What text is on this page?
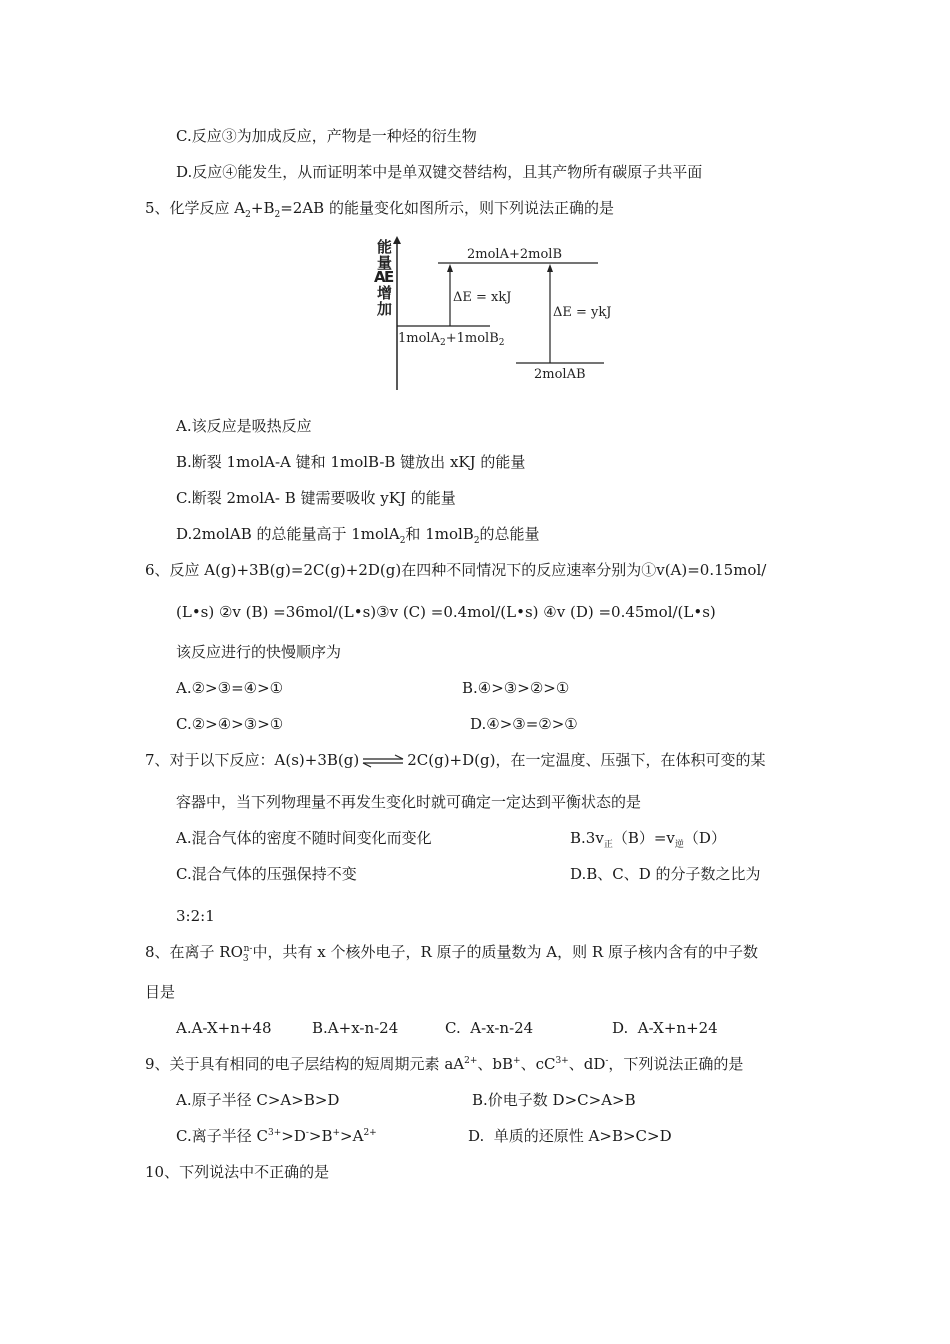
C.反应③为加成反应，产物是一种烃的衍生物
D.反应④能发生，从而证明苯中是单双键交替结构，且其产物所有碳原子共平面
5、化学反应 $A_2+B_2=2AB$ 的能量变化如图所示，则下列说法正确的是
能
量
A
E
增
加
2molA+2molB
1molA$_2$+1molB$_2$
2molAB
ΔE = xkJ
ΔE = ykJ
A.该反应是吸热反应
B.断裂 1molA-A 键和 1molB-B 键放出 xKJ 的能量
C.断裂 2molA- B 键需要吸收 yKJ 的能量
D.2molAB 的总能量高于 1molA$_2$和 1molB$_2$的总能量
6、反应 A(g)+3B(g)=2C(g)+2D(g)在四种不同情况下的反应速率分别为①v(A)=0.15mol/
(L•s) ②v (B) =36mol/(L•s)③v (C) =0.4mol/(L•s) ④v (D) =0.45mol/(L•s)
该反应进行的快慢顺序为
A.②>③=④>①	B.④>③>②>①
C.②>④>③>①	D.④>③=②>①
7、对于以下反应：A(s)+3B(g) ⇌ 2C(g)+D(g)，在一定温度、压强下，在体积可变的某
容器中，当下列物理量不再发生变化时就可确定一定达到平衡状态的是
A.混合气体的密度不随时间变化而变化	$B.3v_正(B)=v_逆(D)$
C.混合气体的压强保持不变	D.B、C、D 的分子数之比为
3:2:1
8、在离子 $RO_3^{n-}$中，共有 x 个核外电子，R 原子的质量数为 A，则 R 原子核内含有的中子数
目是
A.A-X+n+48	B.A+x-n-24	C.  A-x-n-24	D.  A-X+n+24
9、关于具有相同的电子层结构的短周期元素 $aA^{2+}$、bB+、$cC^{3+}$、dD-，下列说法正确的是
A.原子半径 C>A>B>D	B.价电子数 D>C>A>B
C.离子半径 $C^{3+}>D^->B^+>A^{2+}$	D.  单质的还原性 A>B>C>D
10、下列说法中不正确的是
